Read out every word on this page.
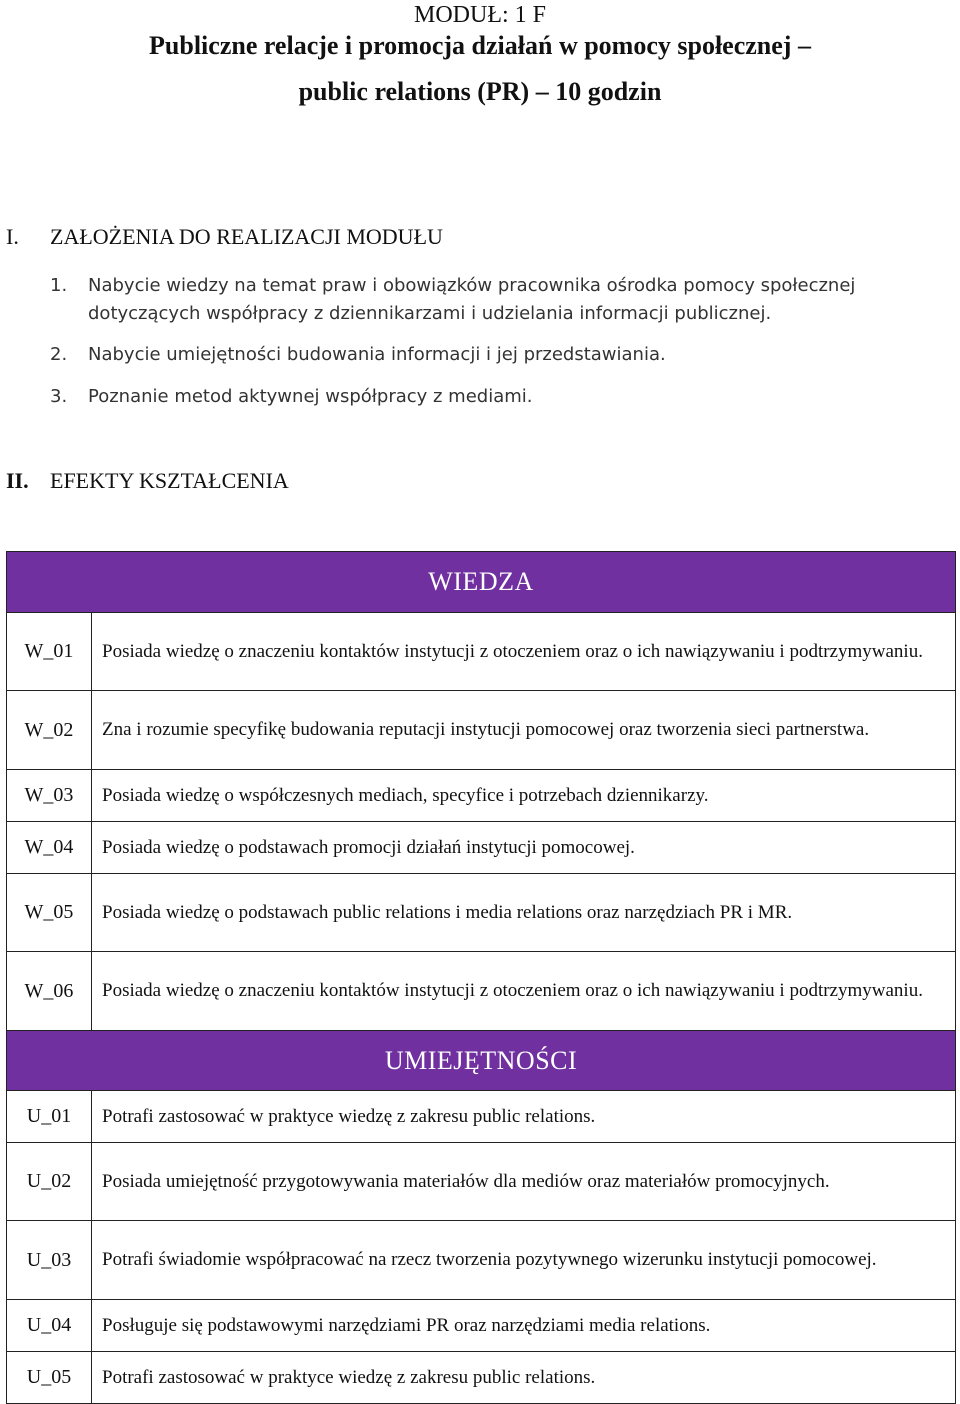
MODUŁ: 1 F
Publiczne relacje i promocja działań w pomocy społecznej –
public relations (PR) – 10 godzin
I. ZAŁOŻENIA DO REALIZACJI MODUŁU
1. Nabycie wiedzy na temat praw i obowiązków pracownika ośrodka pomocy społecznej dotyczących współpracy z dziennikarzami i udzielania informacji publicznej.
2. Nabycie umiejętności budowania informacji i jej przedstawiania.
3. Poznanie metod aktywnej współpracy z mediami.
II. EFEKTY KSZTAŁCENIA
WIEDZA	
W_01	Posiada wiedzę o znaczeniu kontaktów instytucji z otoczeniem oraz o ich nawiązywaniu i podtrzymywaniu.
W_02	Zna i rozumie specyfikę budowania reputacji instytucji pomocowej oraz tworzenia sieci partnerstwa.
W_03	Posiada wiedzę o współczesnych mediach, specyfice i potrzebach dziennikarzy.
W_04	Posiada wiedzę o podstawach promocji działań instytucji pomocowej.
W_05	Posiada wiedzę o podstawach public relations i media relations oraz narzędziach PR i MR.
W_06	Posiada wiedzę o znaczeniu kontaktów instytucji z otoczeniem oraz o ich nawiązywaniu i podtrzymywaniu.
UMIEJĘTNOŚCI	
U_01	Potrafi zastosować w praktyce wiedzę z zakresu public relations.
U_02	Posiada umiejętność przygotowywania materiałów dla mediów oraz materiałów promocyjnych.
U_03	Potrafi świadomie współpracować na rzecz tworzenia pozytywnego wizerunku instytucji pomocowej.
U_04	Posługuje się podstawowymi narzędziami PR oraz narzędziami media relations.
U_05	Potrafi zastosować w praktyce wiedzę z zakresu public relations.
